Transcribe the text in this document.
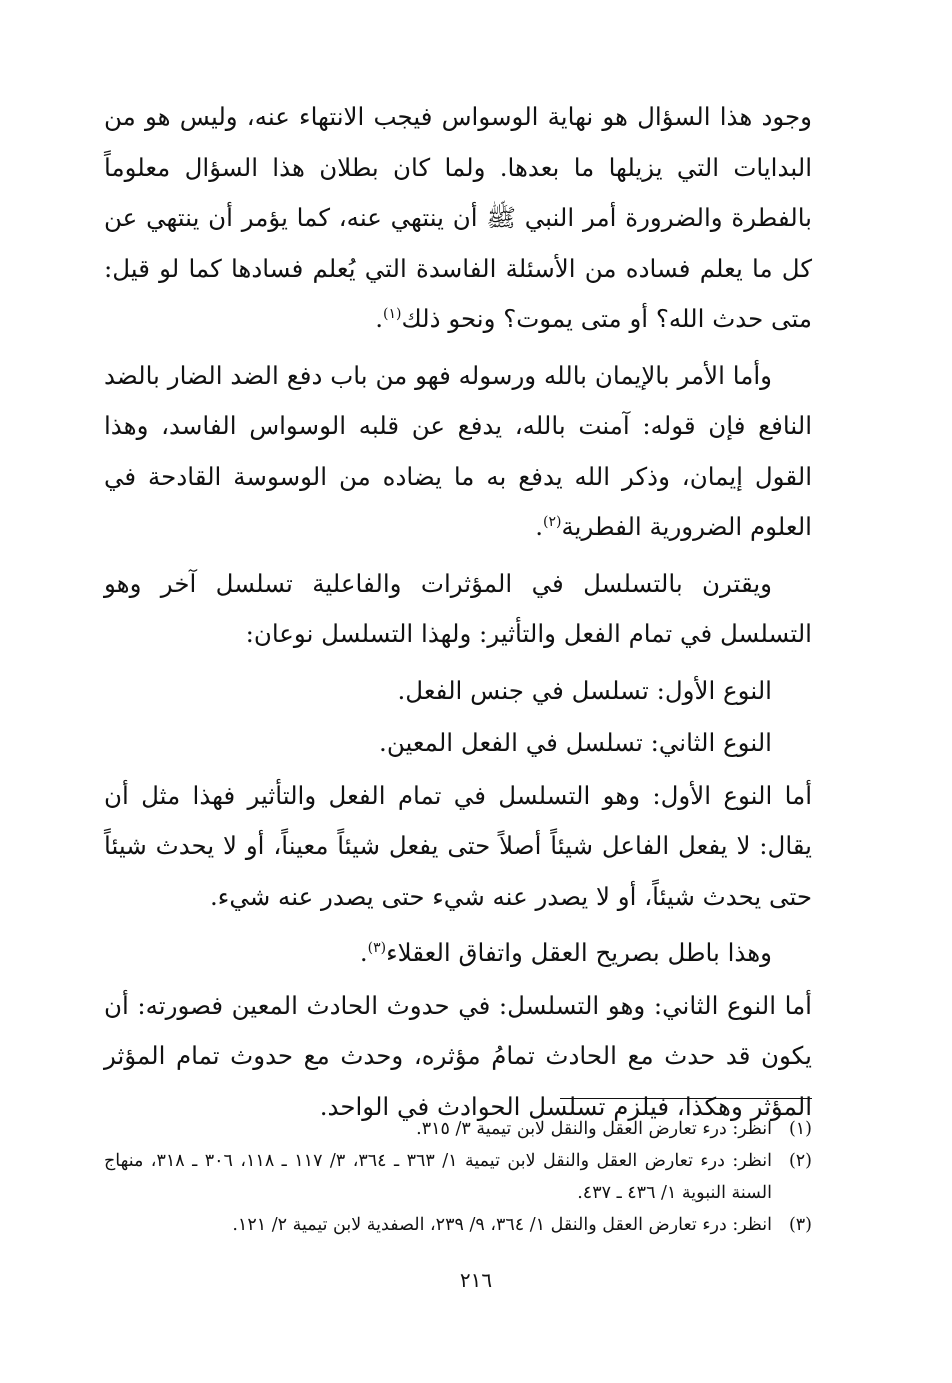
وجود هذا السؤال هو نهاية الوسواس فيجب الانتهاء عنه، وليس هو من البدايات التي يزيلها ما بعدها. ولما كان بطلان هذا السؤال معلوماً بالفطرة والضرورة أمر النبي ﷺ أن ينتهي عنه، كما يؤمر أن ينتهي عن كل ما يعلم فساده من الأسئلة الفاسدة التي يُعلم فسادها كما لو قيل: متى حدث الله؟ أو متى يموت؟ ونحو ذلك$^{(١)}$.

وأما الأمر بالإيمان بالله ورسوله فهو من باب دفع الضد الضار بالضد النافع فإن قوله: آمنت بالله، يدفع عن قلبه الوسواس الفاسد، وهذا القول إيمان، وذكر الله يدفع به ما يضاده من الوسوسة القادحة في العلوم الضرورية الفطرية$^{(٢)}$.

ويقترن بالتسلسل في المؤثرات والفاعلية تسلسل آخر وهو التسلسل في تمام الفعل والتأثير: ولهذا التسلسل نوعان:

النوع الأول: تسلسل في جنس الفعل.
النوع الثاني: تسلسل في الفعل المعين.

أما النوع الأول: وهو التسلسل في تمام الفعل والتأثير فهذا مثل أن يقال: لا يفعل الفاعل شيئاً أصلاً حتى يفعل شيئاً معيناً، أو لا يحدث شيئاً حتى يحدث شيئاً، أو لا يصدر عنه شيء حتى يصدر عنه شيء.

وهذا باطل بصريح العقل واتفاق العقلاء$^{(٣)}$.

أما النوع الثاني: وهو التسلسل: في حدوث الحادث المعين فصورته: أن يكون قد حدث مع الحادث تمامُ مؤثره، وحدث مع حدوث تمام المؤثر المؤثر وهكذا، فيلزم تسلسل الحوادث في الواحد.

(١)
انظر: درء تعارض العقل والنقل لابن تيمية ٣/ ٣١٥.
(٢)
انظر: درء تعارض العقل والنقل لابن تيمية ١/ ٣٦٣ ـ ٣٦٤، ٣/ ١١٧ ـ ١١٨، ٣٠٦ ـ ٣١٨، منهاج السنة النبوية ١/ ٤٣٦ ـ ٤٣٧.
(٣)
انظر: درء تعارض العقل والنقل ١/ ٣٦٤، ٩/ ٢٣٩، الصفدية لابن تيمية ٢/ ١٢١.
٢١٦
